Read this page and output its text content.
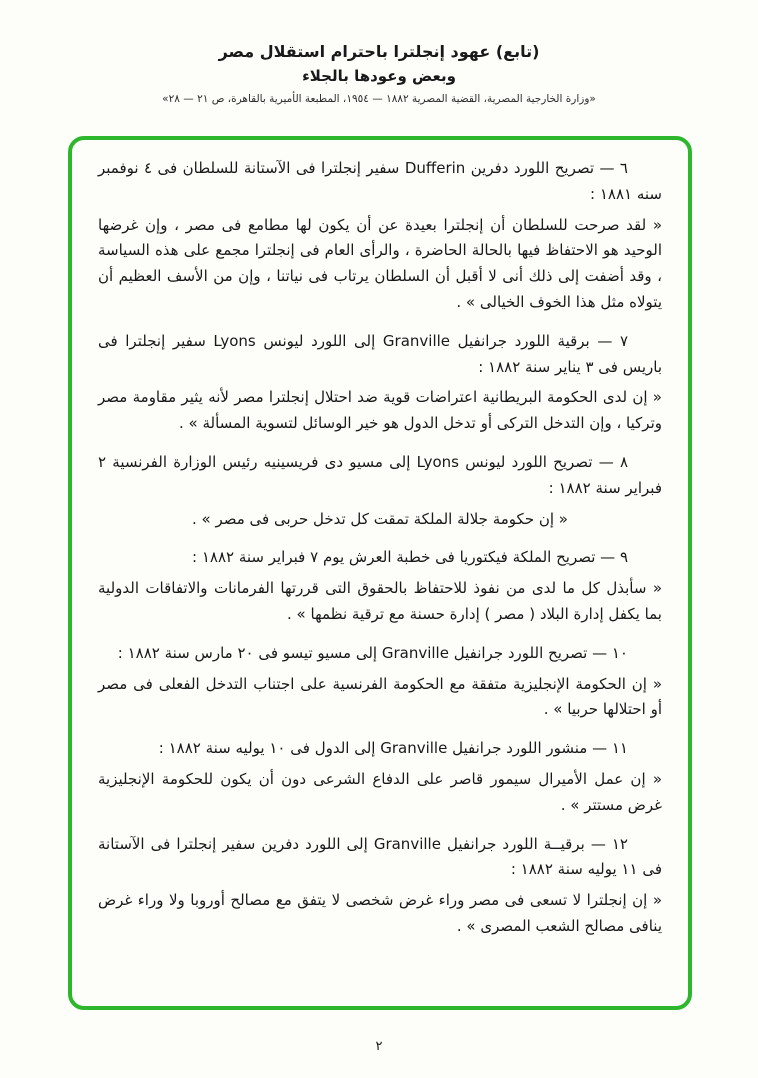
(تابع) عهود إنجلترا باحترام استقلال مصر
وبعض وعودها بالجلاء
«وزارة الخارجية المصرية، القضية المصرية ١٨٨٢ — ١٩٥٤، المطبعة الأميرية بالقاهرة، ص ٢١ — ٢٨»

٦ — تصريح اللورد دفرين Dufferin سفير إنجلترا فى الآستانة للسلطان فى ٤ نوفمبر سنه ١٨٨١ :

« لقد صرحت للسلطان أن إنجلترا بعيدة عن أن يكون لها مطامع فى مصر ، وإن غرضها الوحيد هو الاحتفاظ فيها بالحالة الحاضرة ، والرأى العام فى إنجلترا مجمع على هذه السياسة ، وقد أضفت إلى ذلك أنى لا أقبل أن السلطان يرتاب فى نياتنا ، وإن من الأسف العظيم أن يتولاه مثل هذا الخوف الخيالى » .

٧ — برقية اللورد جرانفيل Granville إلى اللورد ليونس Lyons سفير إنجلترا فى باريس فى ٣ يناير سنة ١٨٨٢ :

« إن لدى الحكومة البريطانية اعتراضات قوية ضد احتلال إنجلترا مصر لأنه يثير مقاومة مصر وتركيا ، وإن التدخل التركى أو تدخل الدول هو خير الوسائل لتسوية المسألة » .

٨ — تصريح اللورد ليونس Lyons إلى مسيو دى فريسينيه رئيس الوزارة الفرنسية ٢ فبراير سنة ١٨٨٢ :

« إن حكومة جلالة الملكة تمقت كل تدخل حربى فى مصر » .

٩ — تصريح الملكة فيكتوريا فى خطبة العرش يوم ٧ فبراير سنة ١٨٨٢ :

« سأبذل كل ما لدى من نفوذ للاحتفاظ بالحقوق التى قررتها الفرمانات والاتفاقات الدولية بما يكفل إدارة البلاد ( مصر ) إدارة حسنة مع ترقية نظمها » .

١٠ — تصريح اللورد جرانفيل Granville إلى مسيو تيسو فى ٢٠ مارس سنة ١٨٨٢ :

« إن الحكومة الإنجليزية متفقة مع الحكومة الفرنسية على اجتناب التدخل الفعلى فى مصر أو احتلالها حربيا » .

١١ — منشور اللورد جرانفيل Granville إلى الدول فى ١٠ يوليه سنة ١٨٨٢ :

« إن عمل الأميرال سيمور قاصر على الدفاع الشرعى دون أن يكون للحكومة الإنجليزية غرض مستتر » .

١٢ — برقيــة اللورد جرانفيل Granville إلى اللورد دفرين سفير إنجلترا فى الآستانة فى ١١ يوليه سنة ١٨٨٢ :

« إن إنجلترا لا تسعى فى مصر وراء غرض شخصى لا يتفق مع مصالح أوروبا ولا وراء غرض ينافى مصالح الشعب المصرى » .

٢
